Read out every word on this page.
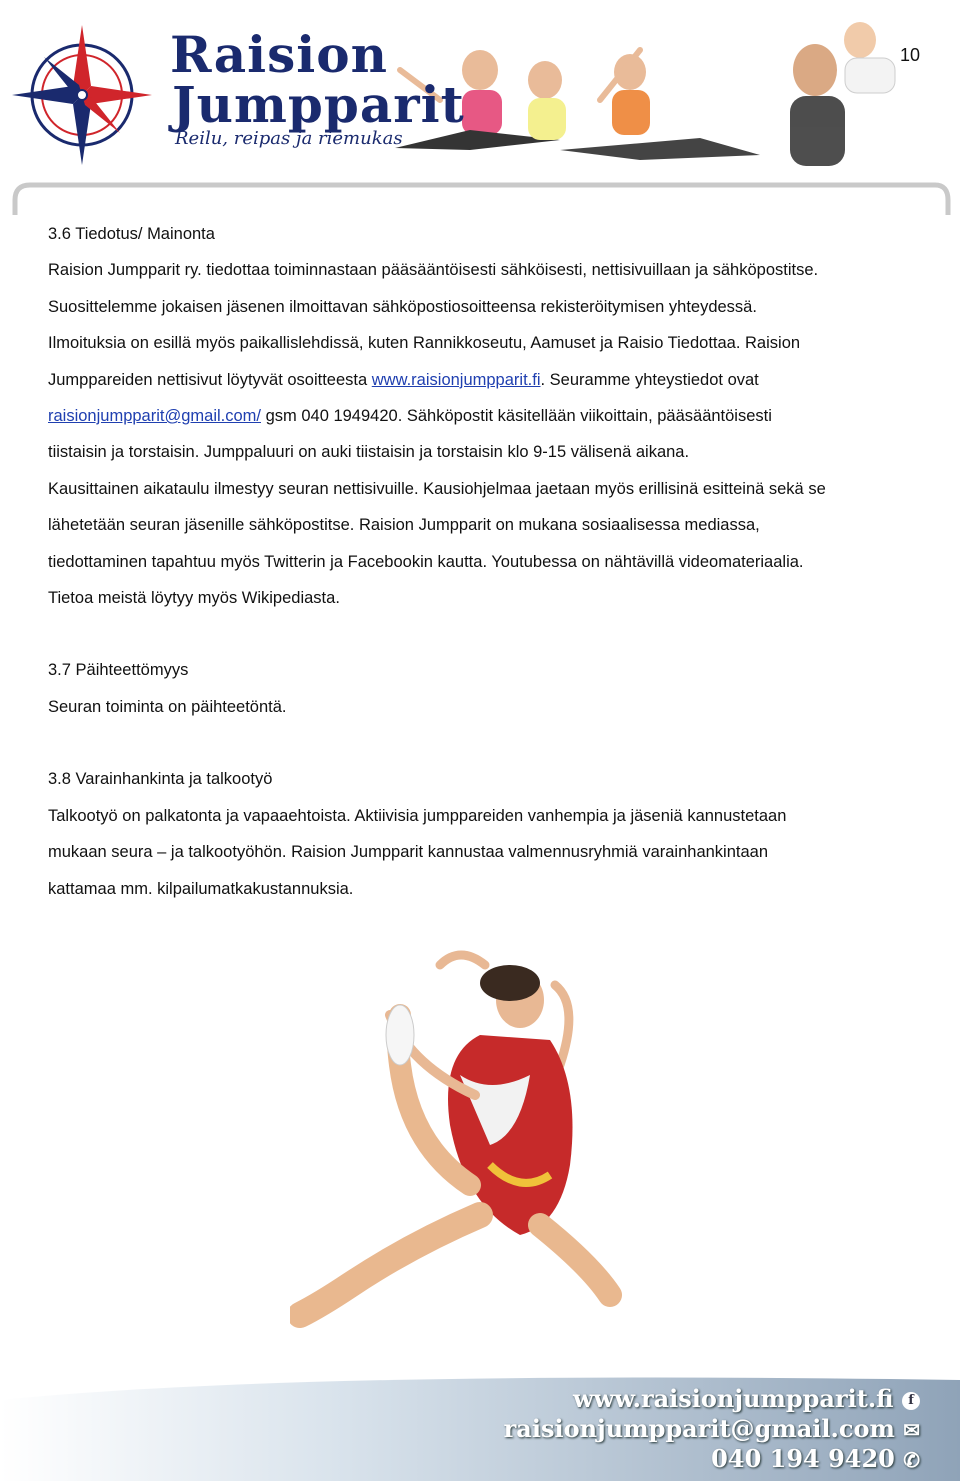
Raision
Jumpparit
Reilu, reipas ja riemukas
10
3.6 Tiedotus/ Mainonta

Raision Jumpparit ry. tiedottaa toiminnastaan pääsääntöisesti sähköisesti, nettisivuillaan ja sähköpostitse.

Suosittelemme jokaisen jäsenen ilmoittavan sähköpostiosoitteensa rekisteröitymisen yhteydessä.

Ilmoituksia on esillä myös paikallislehdissä, kuten Rannikkoseutu, Aamuset ja Raisio Tiedottaa. Raision

Jumppareiden nettisivut löytyvät osoitteesta www.raisionjumpparit.fi. Seuramme yhteystiedot ovat

raisionjumpparit@gmail.com/ gsm 040 1949420. Sähköpostit käsitellään viikoittain, pääsääntöisesti

tiistaisin ja torstaisin. Jumppaluuri on auki tiistaisin ja torstaisin klo 9-15 välisenä aikana.

Kausittainen aikataulu ilmestyy seuran nettisivuille. Kausiohjelmaa jaetaan myös erillisinä esitteinä sekä se

lähetetään seuran jäsenille sähköpostitse. Raision Jumpparit on mukana sosiaalisessa mediassa,

tiedottaminen tapahtuu myös Twitterin ja Facebookin kautta. Youtubessa on nähtävillä videomateriaalia.

Tietoa meistä löytyy myös Wikipediasta.

3.7 Päihteettömyys

Seuran toiminta on päihteetöntä.

3.8 Varainhankinta ja talkootyö

Talkootyö on palkatonta ja vapaaehtoista. Aktiivisia jumppareiden vanhempia ja jäseniä kannustetaan

mukaan seura – ja talkootyöhön. Raision Jumpparit kannustaa valmennusryhmiä varainhankintaan

kattamaa mm. kilpailumatkakustannuksia.

www.raisionjumpparit.fi f
raisionjumpparit@gmail.com ✉
040 194 9420 ✆
